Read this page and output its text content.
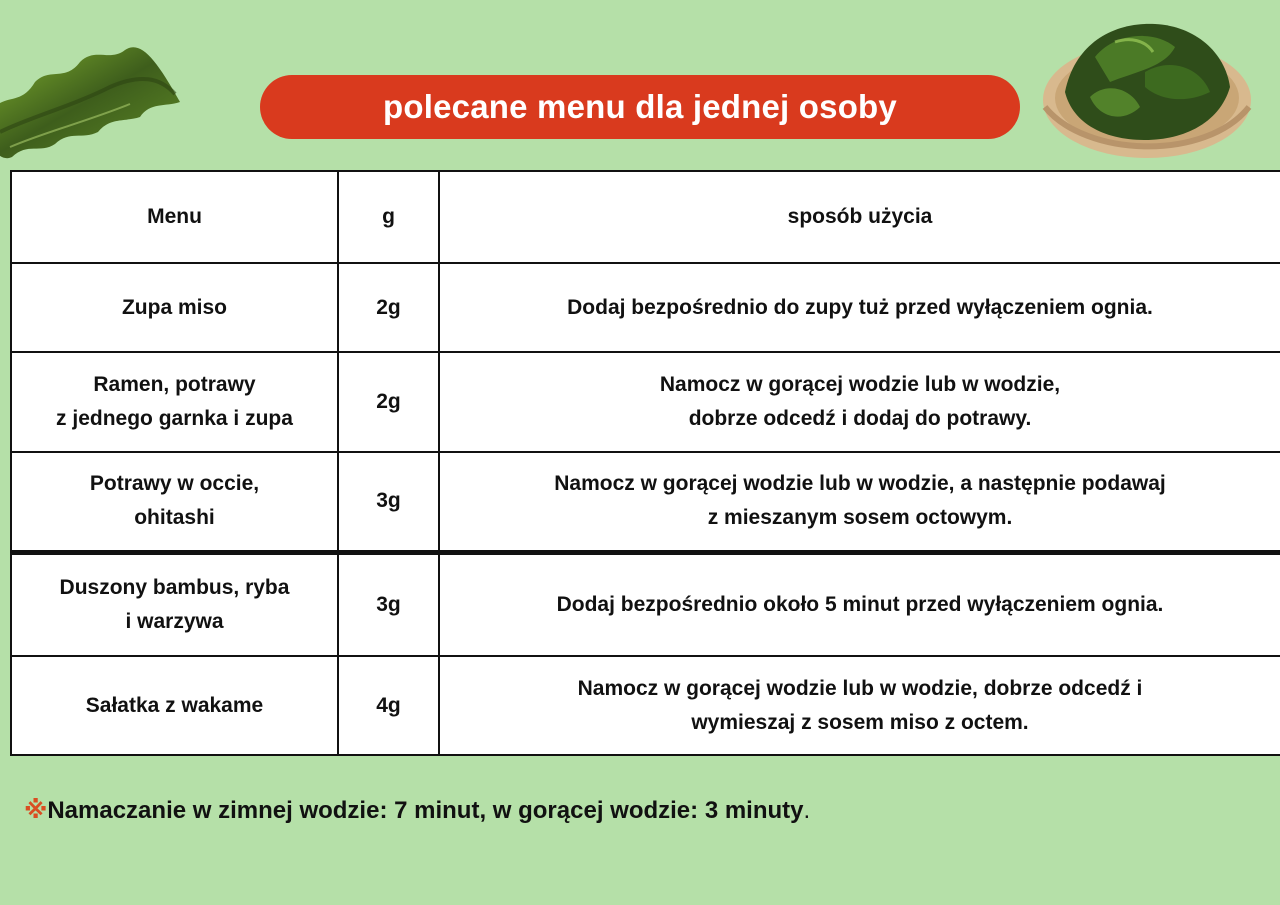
polecane menu dla jednej osoby
Menu	g	sposób użycia

Zupa miso	2g	Dodaj bezpośrednio do zupy tuż przed wyłączeniem ognia.

Ramen, potrawy
z jednego garnka i zupa	2g	Namocz w gorącej wodzie lub w wodzie,
dobrze odcedź i dodaj do potrawy.

Potrawy w occie,
ohitashi	3g	Namocz w gorącej wodzie lub w wodzie, a następnie podawaj
z mieszanym sosem octowym.

Duszony bambus, ryba
i warzywa	3g	Dodaj bezpośrednio około 5 minut przed wyłączeniem ognia.

Sałatka z wakame	4g	Namocz w gorącej wodzie lub w wodzie, dobrze odcedź i
wymieszaj z sosem miso z octem.
※Namaczanie w zimnej wodzie: 7 minut, w gorącej wodzie: 3 minuty.
